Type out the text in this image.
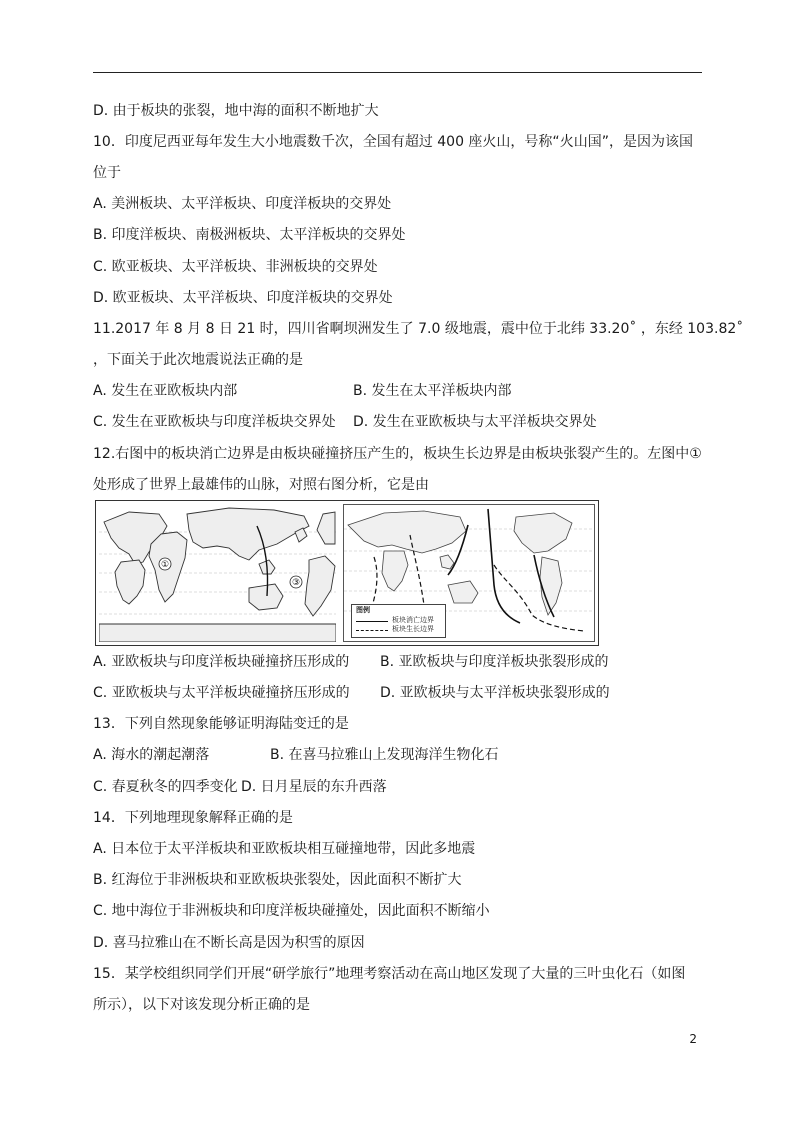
D. 由于板块的张裂，地中海的面积不断地扩大
10．印度尼西亚每年发生大小地震数千次，全国有超过 400 座火山，号称“火山国”，是因为该国
位于
A. 美洲板块、太平洋板块、印度洋板块的交界处
B. 印度洋板块、南极洲板块、太平洋板块的交界处
C. 欧亚板块、太平洋板块、非洲板块的交界处
D. 欧亚板块、太平洋板块、印度洋板块的交界处
11.2017 年 8 月 8 日 21 时，四川省啊坝洲发生了 7.0 级地震，震中位于北纬 33.20˚ ，东经 103.82˚
，下面关于此次地震说法正确的是
A. 发生在亚欧板块内部	B. 发生在太平洋板块内部
C. 发生在亚欧板块与印度洋板块交界处 D. 发生在亚欧板块与太平洋板块交界处
12.右图中的板块消亡边界是由板块碰撞挤压产生的，板块生长边界是由板块张裂产生的。左图中①
处形成了世界上最雄伟的山脉，对照右图分析，它是由
①
③
图例
板块消亡边界
板块生长边界
A. 亚欧板块与印度洋板块碰撞挤压形成的 B. 亚欧板块与印度洋板块张裂形成的
C. 亚欧板块与太平洋板块碰撞挤压形成的 D. 亚欧板块与太平洋板块张裂形成的
13．下列自然现象能够证明海陆变迁的是
A. 海水的潮起潮落	B. 在喜马拉雅山上发现海洋生物化石
C. 春夏秋冬的四季变化 D. 日月星辰的东升西落
14．下列地理现象解释正确的是
A. 日本位于太平洋板块和亚欧板块相互碰撞地带，因此多地震
B. 红海位于非洲板块和亚欧板块张裂处，因此面积不断扩大
C. 地中海位于非洲板块和印度洋板块碰撞处，因此面积不断缩小
D. 喜马拉雅山在不断长高是因为积雪的原因
15．某学校组织同学们开展“研学旅行”地理考察活动在高山地区发现了大量的三叶虫化石（如图
所示），以下对该发现分析正确的是
2
